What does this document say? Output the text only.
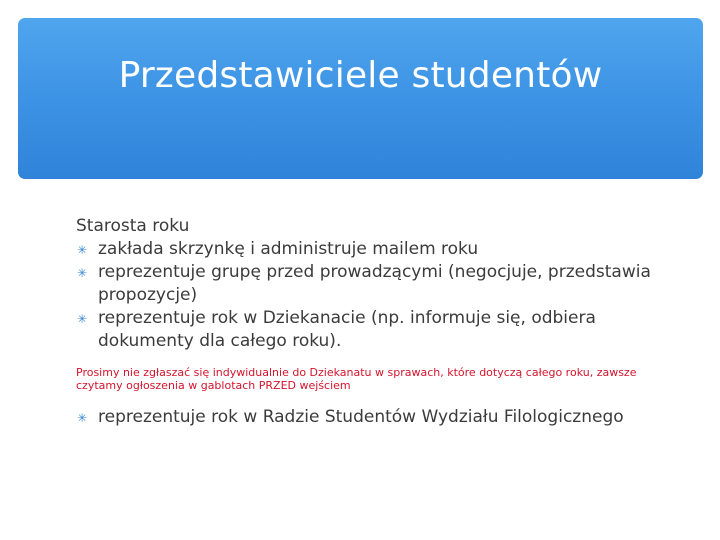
Przedstawiciele studentów

Starosta roku

✳ zakłada skrzynkę i administruje mailem roku
✳ reprezentuje grupę przed prowadzącymi (negocjuje, przedstawia propozycje)
✳ reprezentuje rok w Dziekanacie (np. informuje się, odbiera dokumenty dla całego roku).

Prosimy nie zgłaszać się indywidualnie do Dziekanatu w sprawach, które dotyczą całego roku, zawsze czytamy ogłoszenia w gablotach PRZED wejściem

✳ reprezentuje rok w Radzie Studentów Wydziału Filologicznego
